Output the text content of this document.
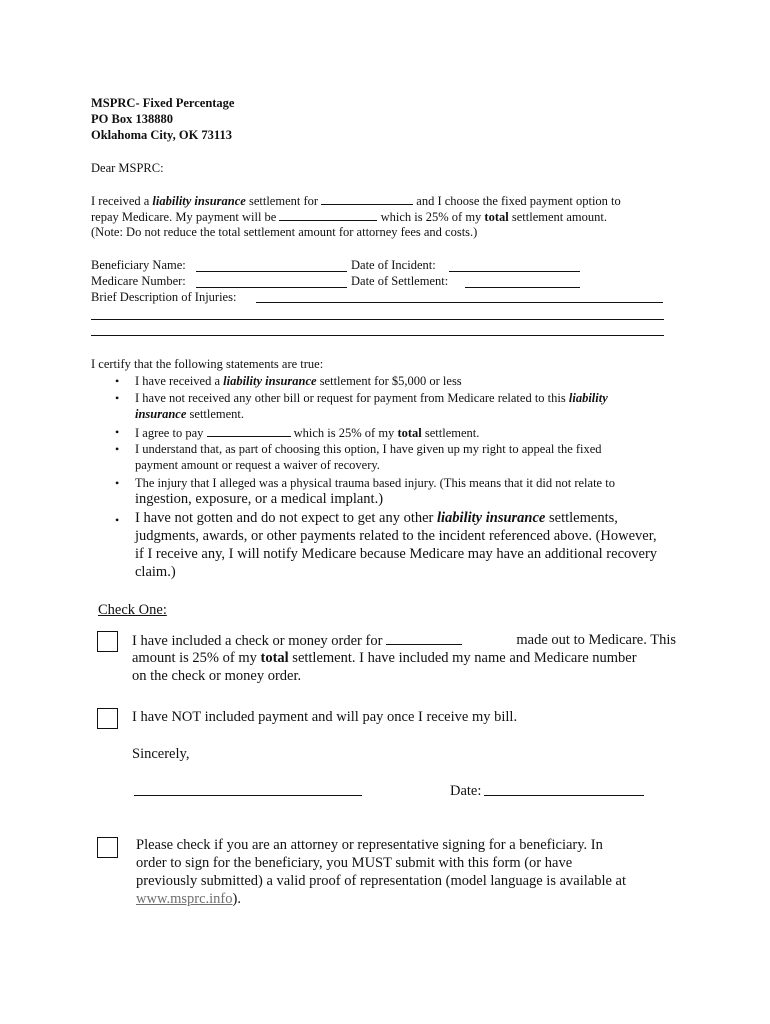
MSPRC- Fixed Percentage
PO Box 138880
Oklahoma City, OK 73113
Dear MSPRC:
I received a liability insurance settlement for	and I choose the fixed payment option to
repay Medicare. My payment will be	which is 25% of my total settlement amount.
(Note: Do not reduce the total settlement amount for attorney fees and costs.)
Beneficiary Name:	Date of Incident:
Medicare Number:	Date of Settlement:
Brief Description of Injuries:
I certify that the following statements are true:
• I have received a liability insurance settlement for $5,000 or less
• I have not received any other bill or request for payment from Medicare related to this liability
insurance settlement.
• I agree to pay	which is 25% of my total settlement.
• I understand that, as part of choosing this option, I have given up my right to appeal the fixed
payment amount or request a waiver of recovery.
• The injury that I alleged was a physical trauma based injury. (This means that it did not relate to
ingestion, exposure, or a medical implant.)
• I have not gotten and do not expect to get any other liability insurance settlements,
judgments, awards, or other payments related to the incident referenced above. (However,
if I receive any, I will notify Medicare because Medicare may have an additional recovery
claim.)
Check One:
I have included a check or money order for	made out to Medicare. This
amount is 25% of my total settlement. I have included my name and Medicare number
on the check or money order.
I have NOT included payment and will pay once I receive my bill.
Sincerely,
Date:
Please check if you are an attorney or representative signing for a beneficiary. In
order to sign for the beneficiary, you MUST submit with this form (or have
previously submitted) a valid proof of representation (model language is available at
www.msprc.info).
